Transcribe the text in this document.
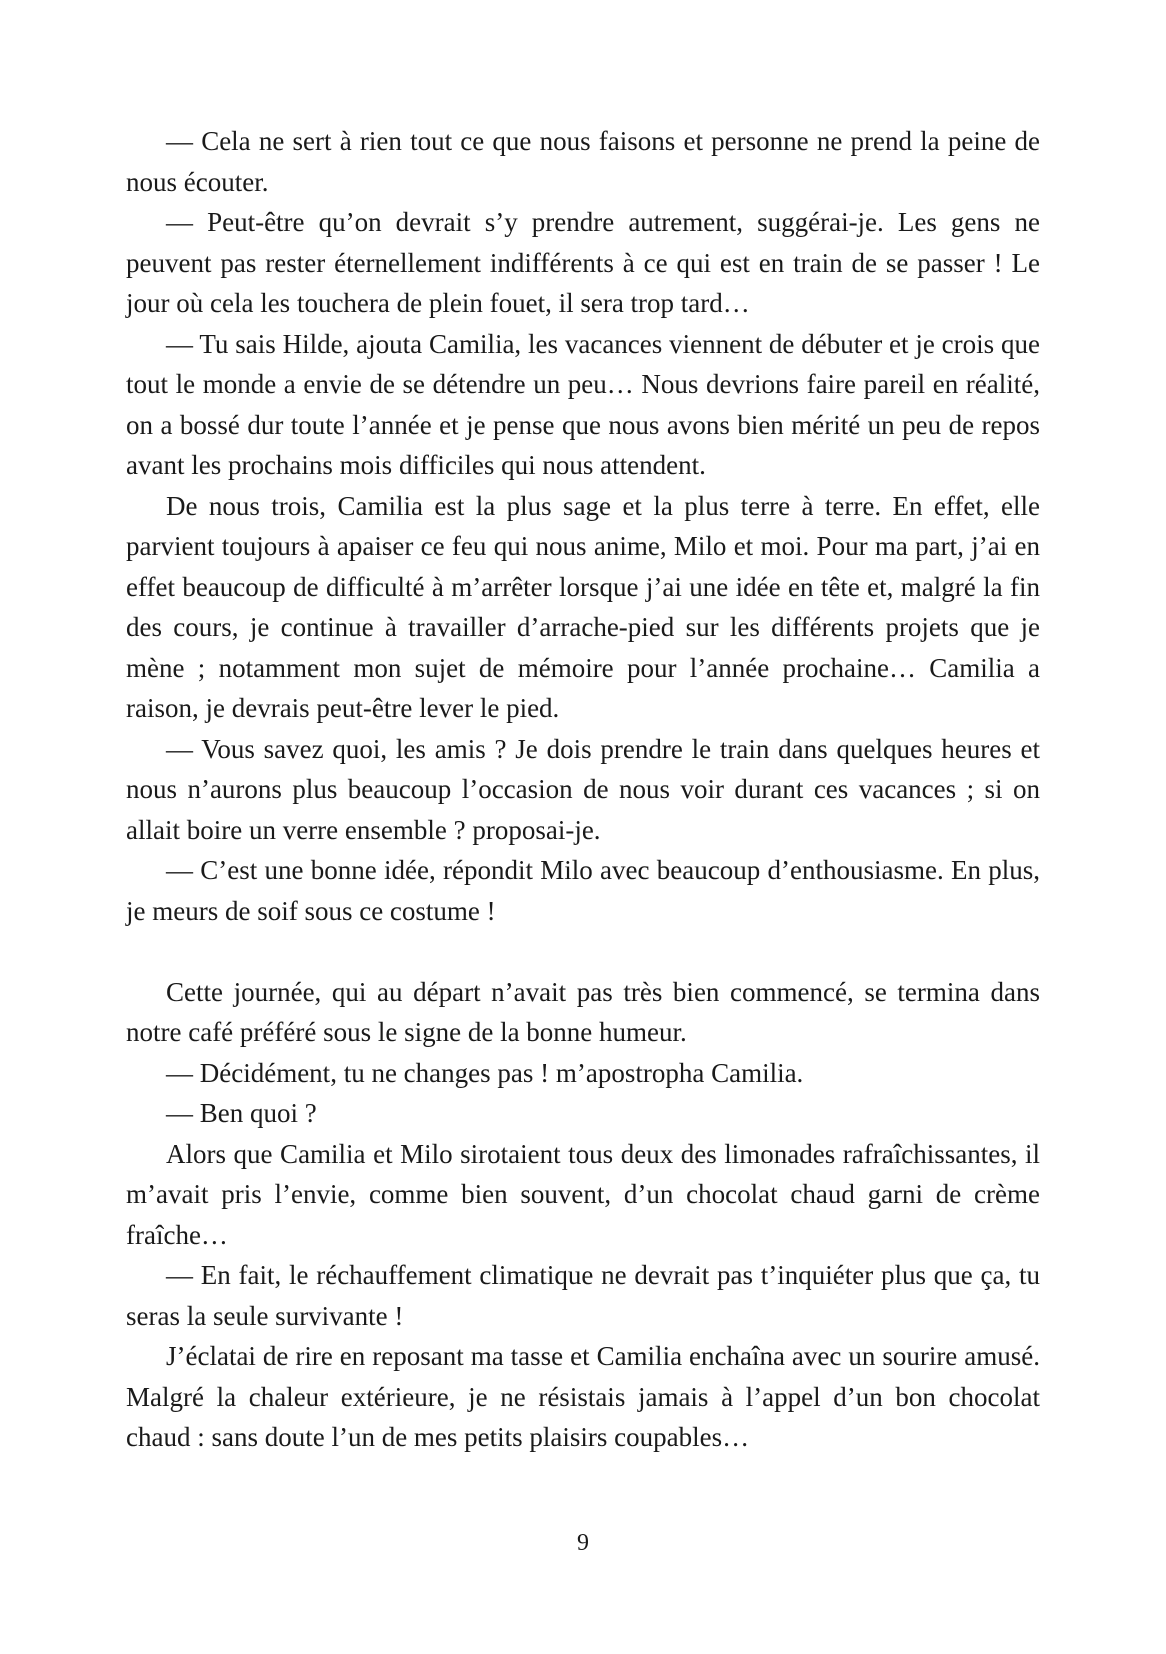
— Cela ne sert à rien tout ce que nous faisons et personne ne prend la peine de nous écouter.

— Peut-être qu’on devrait s’y prendre autrement, suggérai-je. Les gens ne peuvent pas rester éternellement indifférents à ce qui est en train de se passer ! Le jour où cela les touchera de plein fouet, il sera trop tard…

— Tu sais Hilde, ajouta Camilia, les vacances viennent de débuter et je crois que tout le monde a envie de se détendre un peu… Nous devrions faire pareil en réalité, on a bossé dur toute l’année et je pense que nous avons bien mérité un peu de repos avant les prochains mois difficiles qui nous attendent.

De nous trois, Camilia est la plus sage et la plus terre à terre. En effet, elle parvient toujours à apaiser ce feu qui nous anime, Milo et moi. Pour ma part, j’ai en effet beaucoup de difficulté à m’arrêter lorsque j’ai une idée en tête et, malgré la fin des cours, je continue à travailler d’arrache-pied sur les différents projets que je mène ; notamment mon sujet de mémoire pour l’année prochaine… Camilia a raison, je devrais peut-être lever le pied.

— Vous savez quoi, les amis ? Je dois prendre le train dans quelques heures et nous n’aurons plus beaucoup l’occasion de nous voir durant ces vacances ; si on allait boire un verre ensemble ? proposai-je.

— C’est une bonne idée, répondit Milo avec beaucoup d’enthousiasme. En plus, je meurs de soif sous ce costume !

Cette journée, qui au départ n’avait pas très bien commencé, se termina dans notre café préféré sous le signe de la bonne humeur.

— Décidément, tu ne changes pas ! m’apostropha Camilia.

— Ben quoi ?

Alors que Camilia et Milo sirotaient tous deux des limonades rafraîchissantes, il m’avait pris l’envie, comme bien souvent, d’un chocolat chaud garni de crème fraîche…

— En fait, le réchauffement climatique ne devrait pas t’inquiéter plus que ça, tu seras la seule survivante !

J’éclatai de rire en reposant ma tasse et Camilia enchaîna avec un sourire amusé. Malgré la chaleur extérieure, je ne résistais jamais à l’appel d’un bon chocolat chaud : sans doute l’un de mes petits plaisirs coupables…

9
